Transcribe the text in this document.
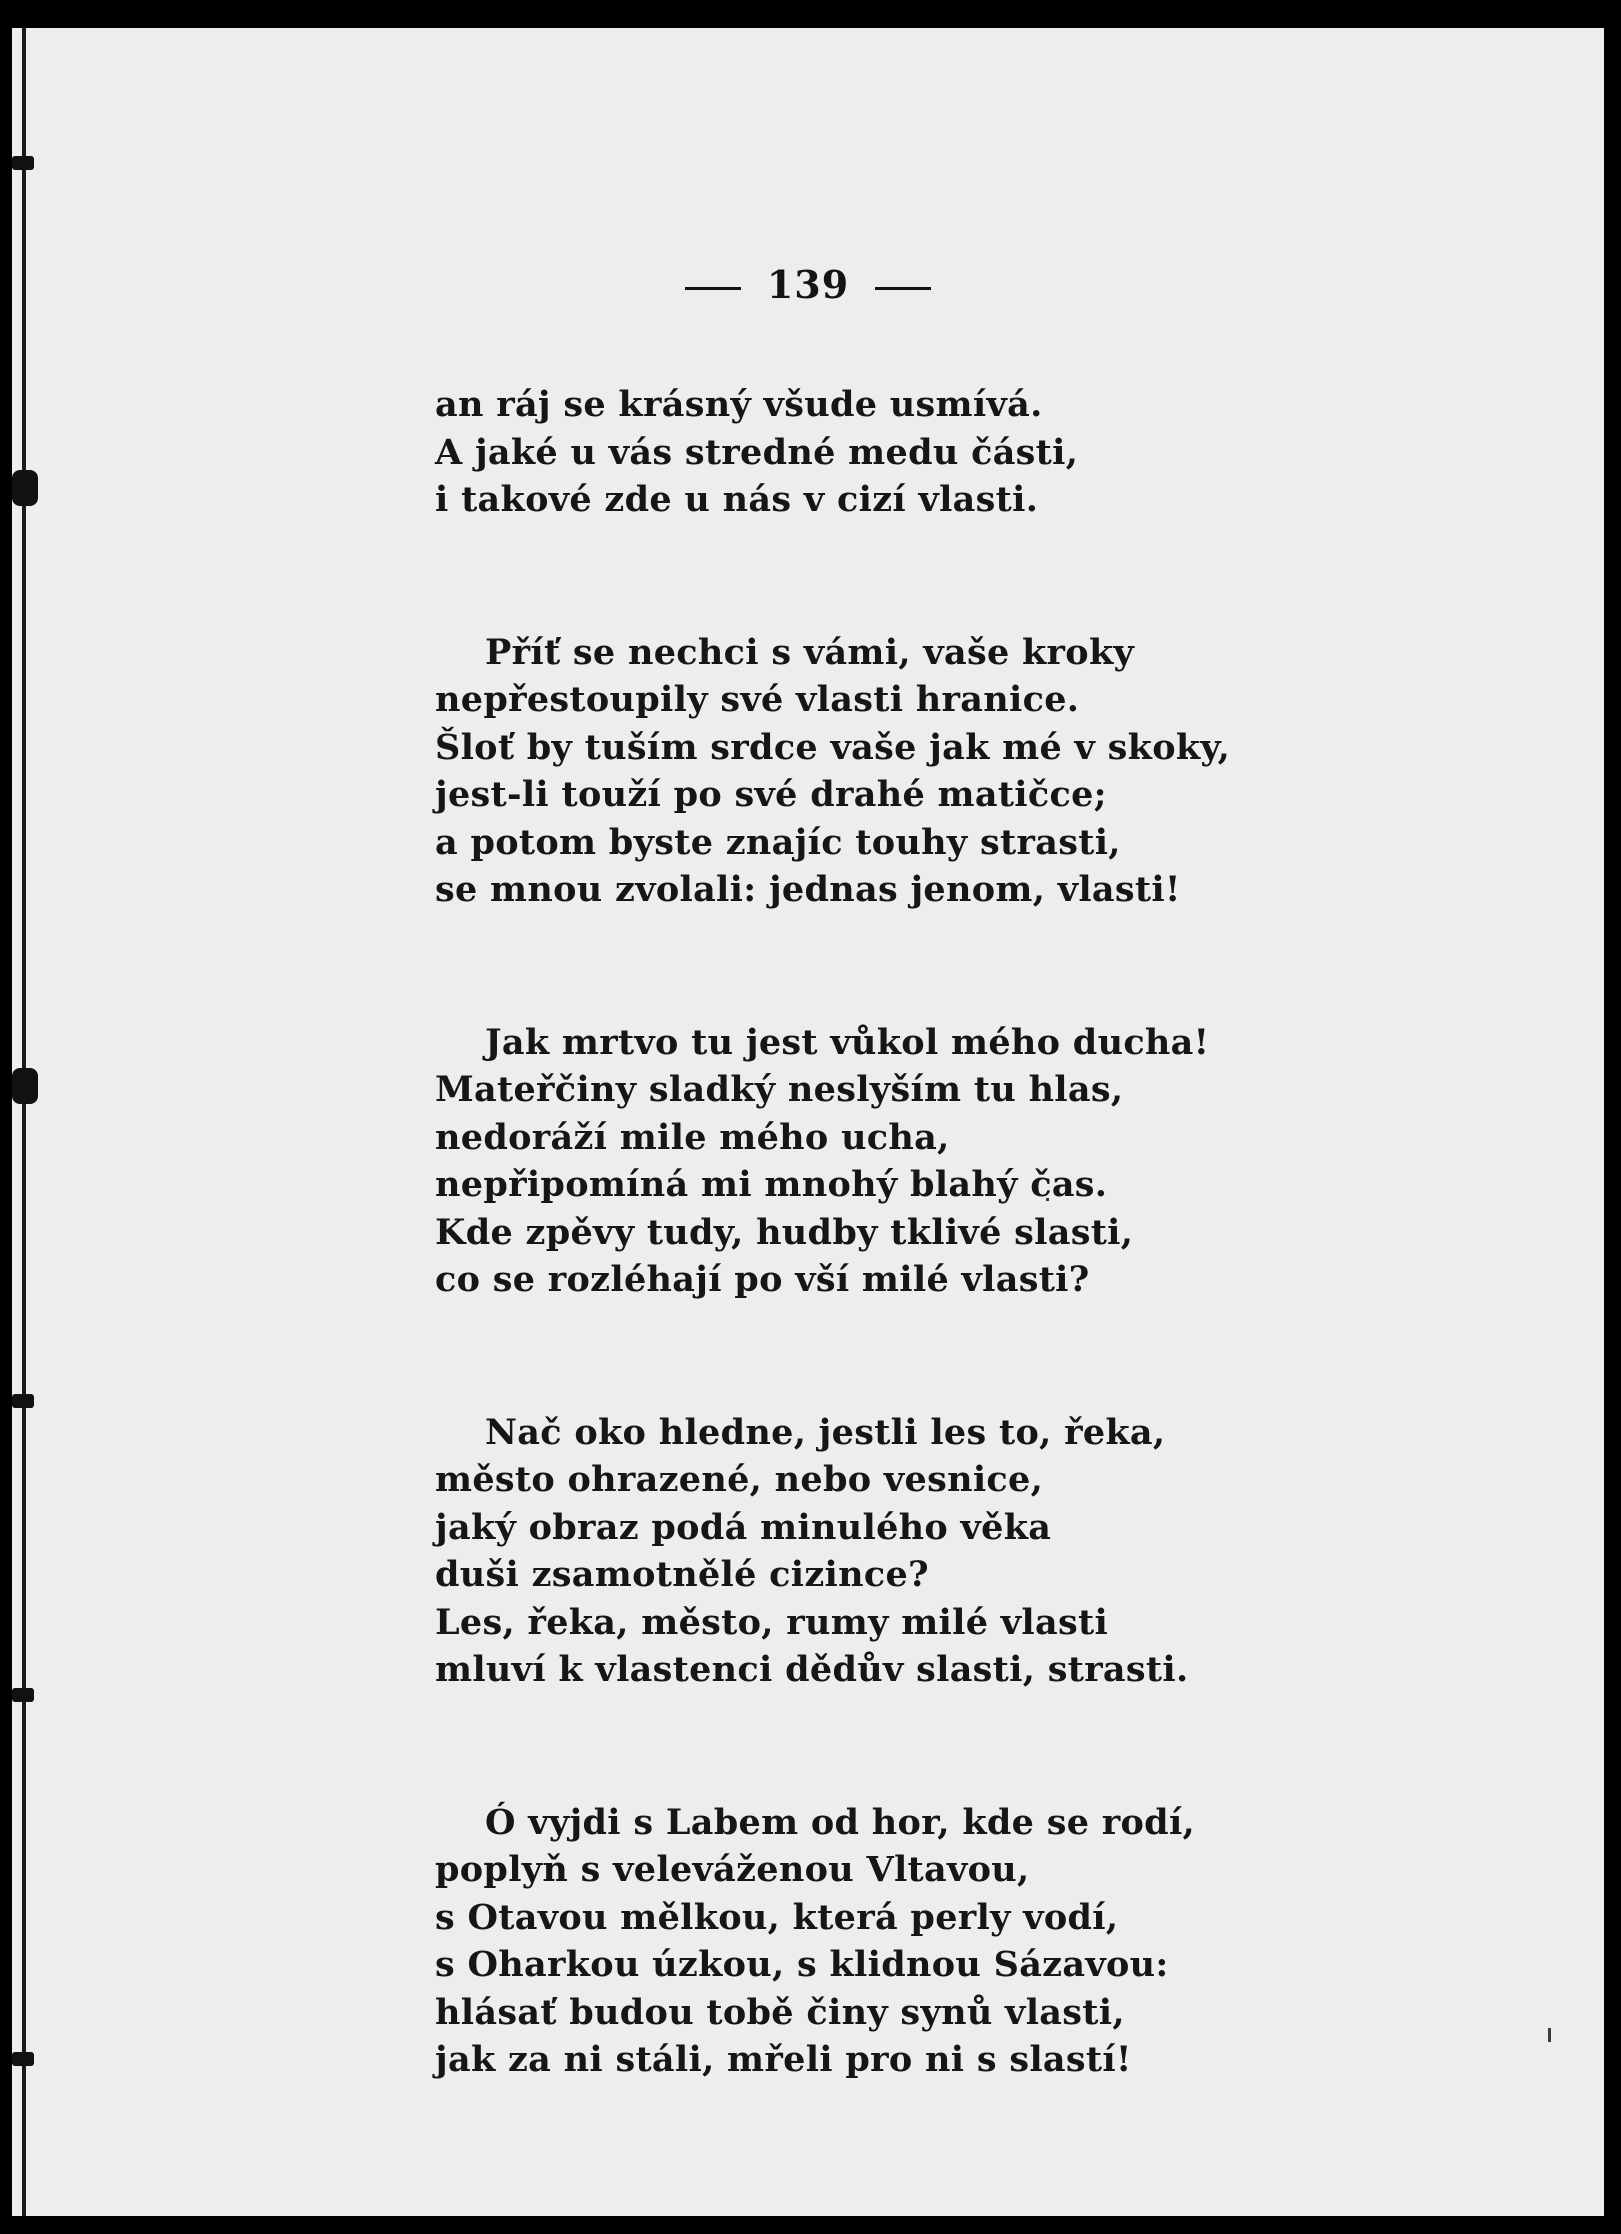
139
an ráj se krásný všude usmívá.
A jaké u vás stredné medu části,
i takové zde u nás v cizí vlasti.
Příť se nechci s vámi, vaše kroky
nepřestoupily své vlasti hranice.
Šloť by tuším srdce vaše jak mé v skoky,
jest-li touží po své drahé matičce;
a potom byste znajíc touhy strasti,
se mnou zvolali: jednas jenom, vlasti!
Jak mrtvo tu jest vůkol mého ducha!
Mateřčiny sladký neslyším tu hlas,
nedoráží mile mého ucha,
nepřipomíná mi mnohý blahý čas.
Kde zpěvy tudy, hudby tklivé slasti,
co se rozléhají po vší milé vlasti?
Nač oko hledne, jestli les to, řeka,
město ohrazené, nebo vesnice,
jaký obraz podá minulého věka
duši zsamotnělé cizince?
Les, řeka, město, rumy milé vlasti
mluví k vlastenci dědův slasti, strasti.
Ó vyjdi s Labem od hor, kde se rodí,
poplyň s veleváženou Vltavou,
s Otavou mělkou, která perly vodí,
s Oharkou úzkou, s klidnou Sázavou:
hlásať budou tobě činy synů vlasti,
jak za ni stáli, mřeli pro ni s slastí!
